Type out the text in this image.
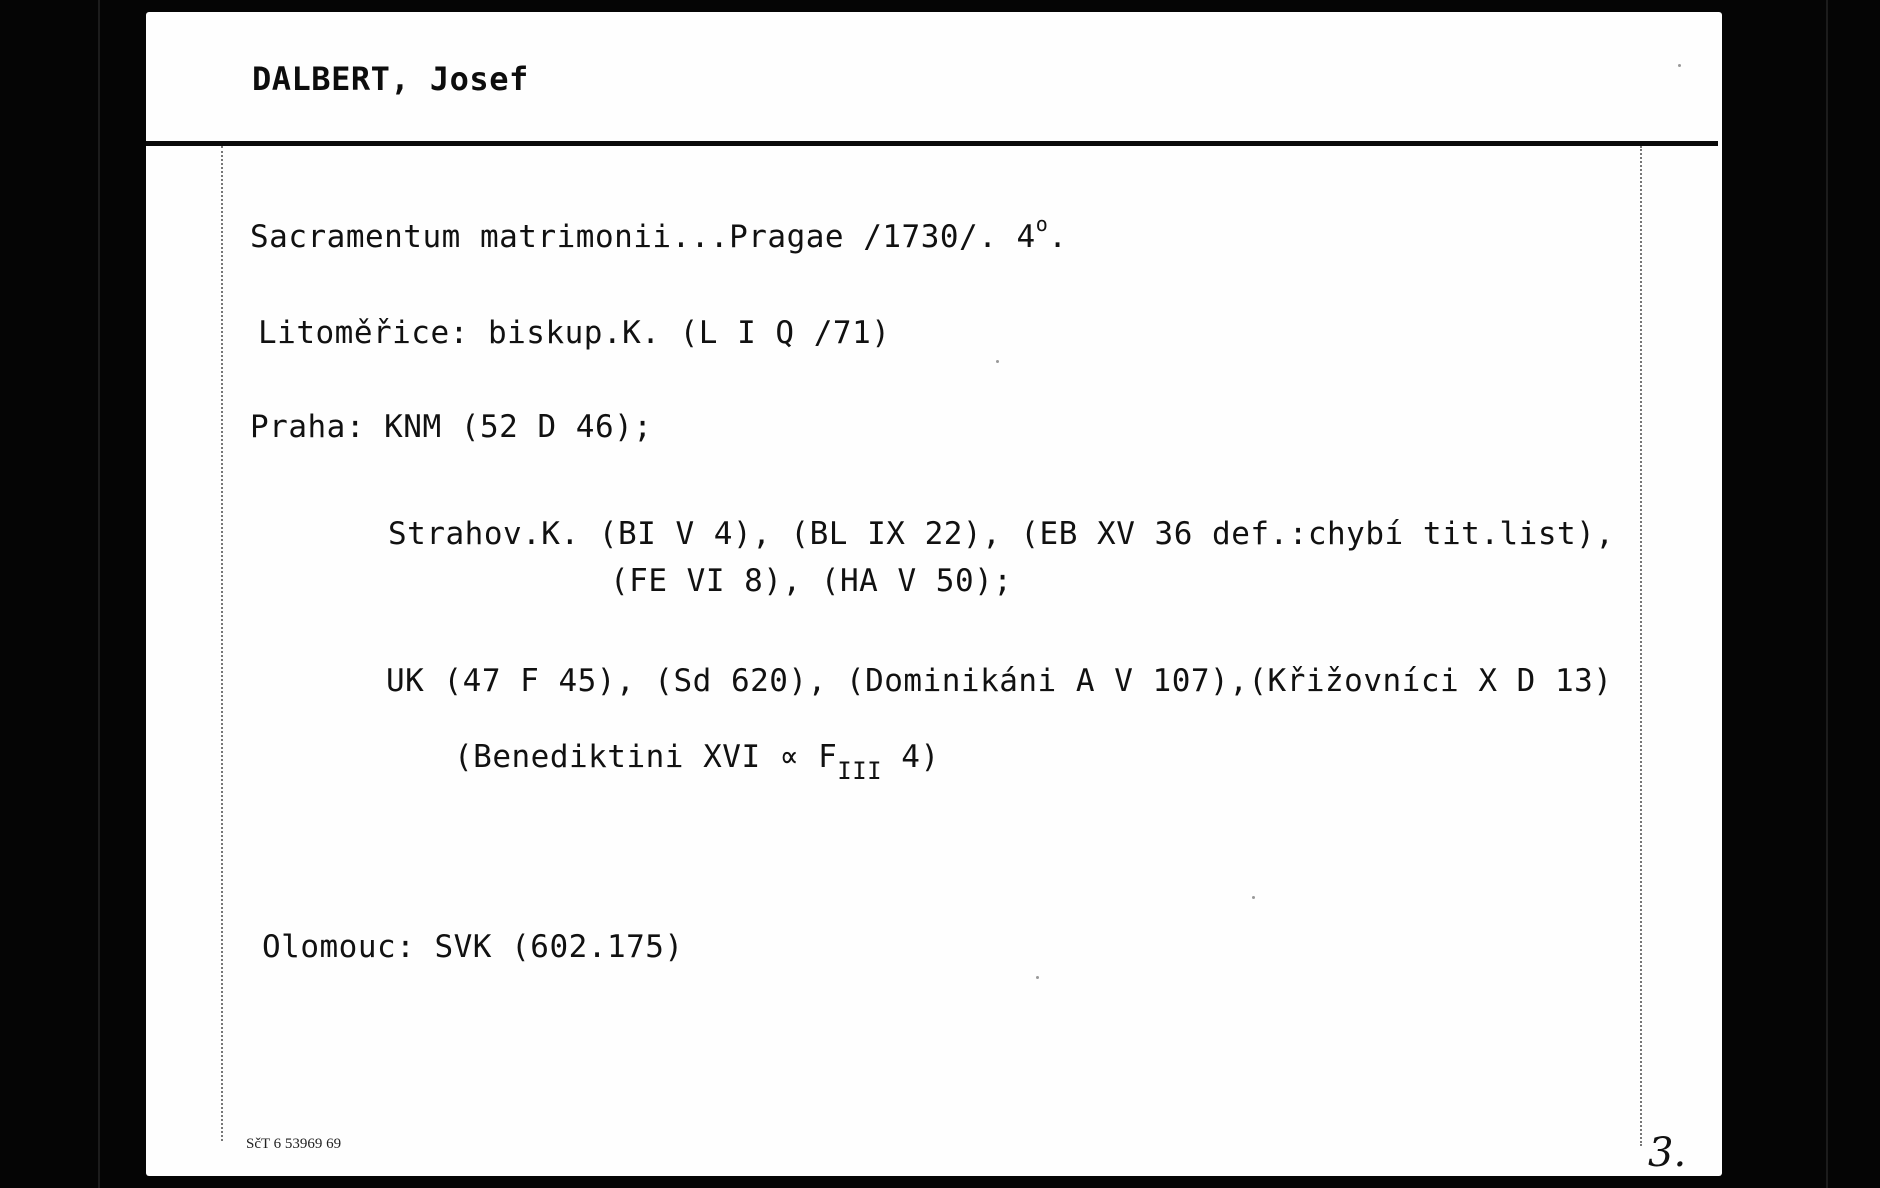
DALBERT, Josef
Sacramentum matrimonii...Pragae /1730/. 4$^o$.
Litoměřice: biskup.K. (L I Q /71)
Praha: KNM (52 D 46);
Strahov.K. (BI V 4), (BL IX 22), (EB XV 36 def.:chybí tit.list),
(FE VI 8), (HA V 50);
UK (47 F 45), (Sd 620), (Dominikáni A V 107),(Křižovníci X D 13)
(Benediktini XVI ∝ $F_{III}$ 4)
Olomouc: SVK (602.175)
SčT 6 53969 69	3.
